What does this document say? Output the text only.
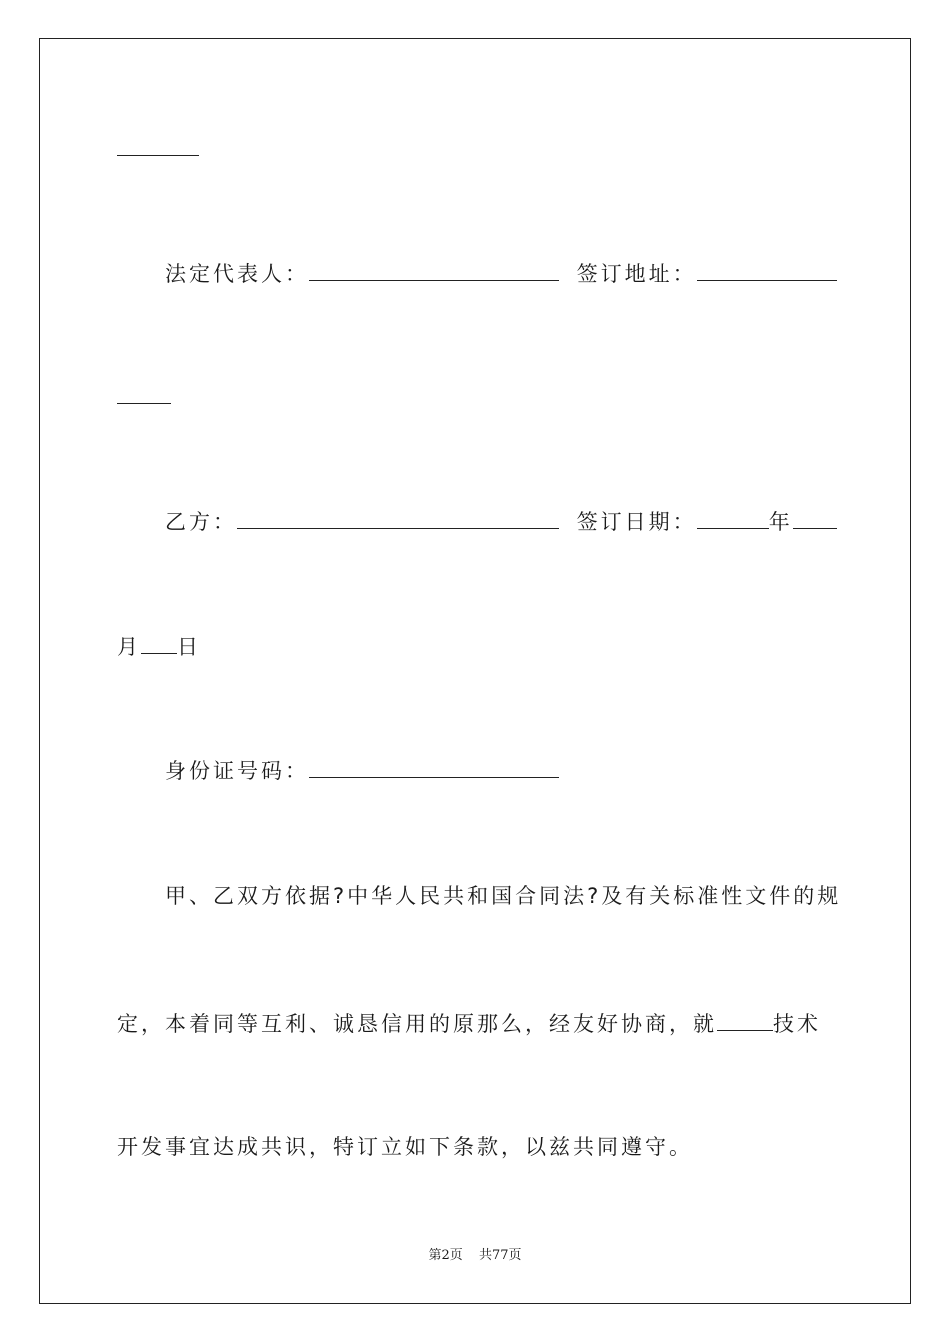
法定代表人：	签订地址：
乙方：	签订日期：	年
月 日
身份证号码：
甲、乙双方依据?中华人民共和国合同法?及有关标准性文件的规
定，本着同等互利、诚恳信用的原那么，经友好协商，就	技术
开发事宜达成共识，特订立如下条款，以兹共同遵守。
第2页 共77页
